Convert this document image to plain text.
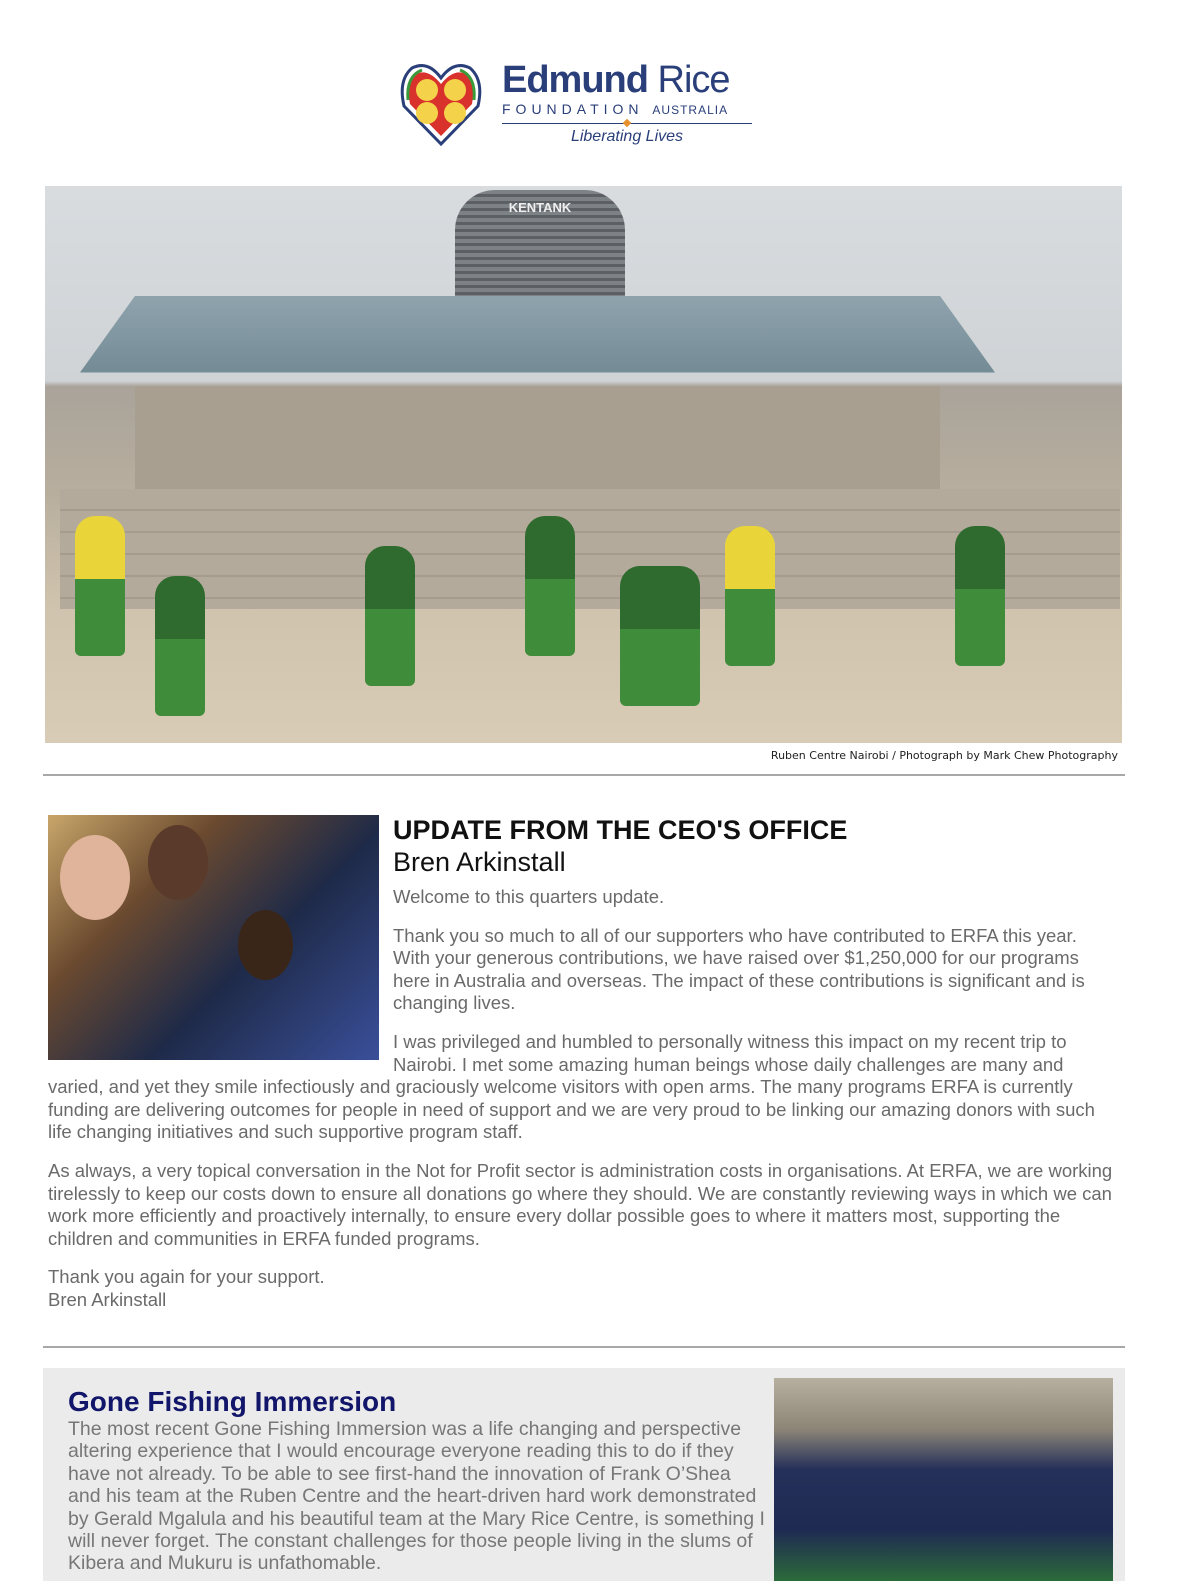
Edmund Rice
FOUNDATION AUSTRALIA
Liberating Lives
KENTANK
Ruben Centre Nairobi / Photograph by Mark Chew Photography
UPDATE FROM THE CEO'S OFFICE
Bren Arkinstall

Welcome to this quarters update.

Thank you so much to all of our supporters who have contributed to ERFA this year. With your generous contributions, we have raised over $1,250,000 for our programs here in Australia and overseas. The impact of these contributions is significant and is changing lives.

I was privileged and humbled to personally witness this impact on my recent trip to Nairobi. I met some amazing human beings whose daily challenges are many and varied, and yet they smile infectiously and graciously welcome visitors with open arms. The many programs ERFA is currently funding are delivering outcomes for people in need of support and we are very proud to be linking our amazing donors with such life changing initiatives and such supportive program staff.

As always, a very topical conversation in the Not for Profit sector is administration costs in organisations. At ERFA, we are working tirelessly to keep our costs down to ensure all donations go where they should. We are constantly reviewing ways in which we can work more efficiently and proactively internally, to ensure every dollar possible goes to where it matters most, supporting the children and communities in ERFA funded programs.

Thank you again for your support.
Bren Arkinstall
Gone Fishing Immersion
The most recent Gone Fishing Immersion was a life changing and perspective altering experience that I would encourage everyone reading this to do if they have not already. To be able to see first-hand the innovation of Frank O’Shea and his team at the Ruben Centre and the heart-driven hard work demonstrated by Gerald Mgalula and his beautiful team at the Mary Rice Centre, is something I will never forget. The constant challenges for those people living in the slums of Kibera and Mukuru is unfathomable.
